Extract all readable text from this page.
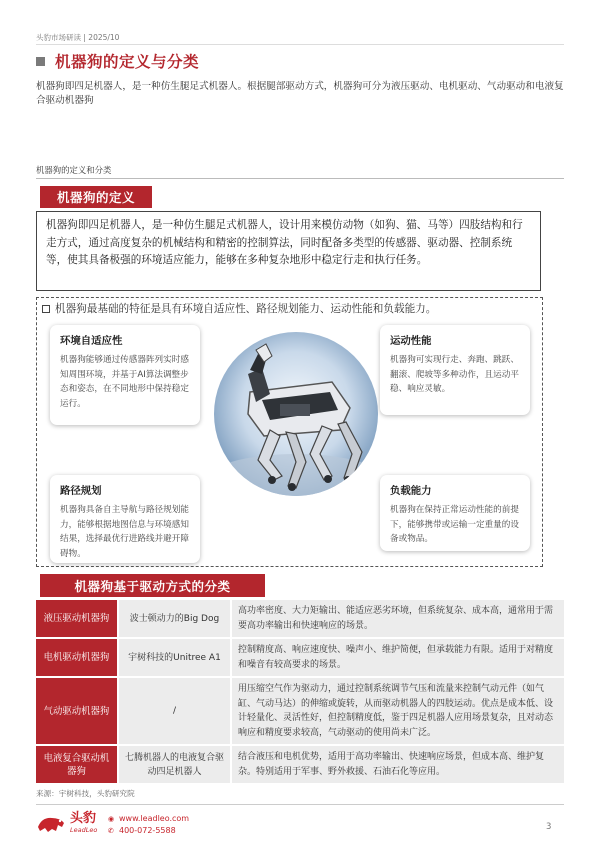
头豹市场研读 | 2025/10
机器狗的定义与分类
机器狗即四足机器人，是一种仿生腿足式机器人。根据腿部驱动方式，机器狗可分为液压驱动、电机驱动、气动驱动和电液复合驱动机器狗
机器狗的定义和分类
机器狗的定义
机器狗即四足机器人，是一种仿生腿足式机器人，设计用来模仿动物（如狗、猫、马等）四肢结构和行走方式，通过高度复杂的机械结构和精密的控制算法，同时配备多类型的传感器、驱动器、控制系统等，使其具备极强的环境适应能力，能够在多种复杂地形中稳定行走和执行任务。
机器狗最基础的特征是具有环境自适应性、路径规划能力、运动性能和负载能力。
环境自适应性
机器狗能够通过传感器阵列实时感知周围环境，并基于AI算法调整步态和姿态，在不同地形中保持稳定运行。
运动性能
机器狗可实现行走、奔跑、跳跃、翻滚、爬坡等多种动作，且运动平稳、响应灵敏。
路径规划
机器狗具备自主导航与路径规划能力，能够根据地图信息与环境感知结果，选择最优行进路线并避开障碍物。
负载能力
机器狗在保持正常运动性能的前提下，能够携带或运输一定重量的设备或物品。
机器狗基于驱动方式的分类
液压驱动机器狗	波士顿动力的Big Dog	高功率密度、大力矩输出、能适应恶劣环境，但系统复杂、成本高，通常用于需要高功率输出和快速响应的场景。
电机驱动机器狗	宇树科技的Unitree A1	控制精度高、响应速度快、噪声小、维护简便，但承载能力有限。适用于对精度和噪音有较高要求的场景。
气动驱动机器狗	/	用压缩空气作为驱动力，通过控制系统调节气压和流量来控制气动元件（如气缸、气动马达）的伸缩或旋转，从而驱动机器人的四肢运动。优点是成本低、设计轻量化、灵活性好，但控制精度低，鉴于四足机器人应用场景复杂，且对动态响应和精度要求较高，气动驱动的使用尚未广泛。
电液复合驱动机器狗	七腾机器人的电液复合驱动四足机器人	结合液压和电机优势，适用于高功率输出、快速响应场景，但成本高、维护复杂。特别适用于军事、野外救援、石油石化等应用。
来源：宇树科技，头豹研究院
头豹
LeadLeo
◉ www.leadleo.com
✆ 400-072-5588	3
